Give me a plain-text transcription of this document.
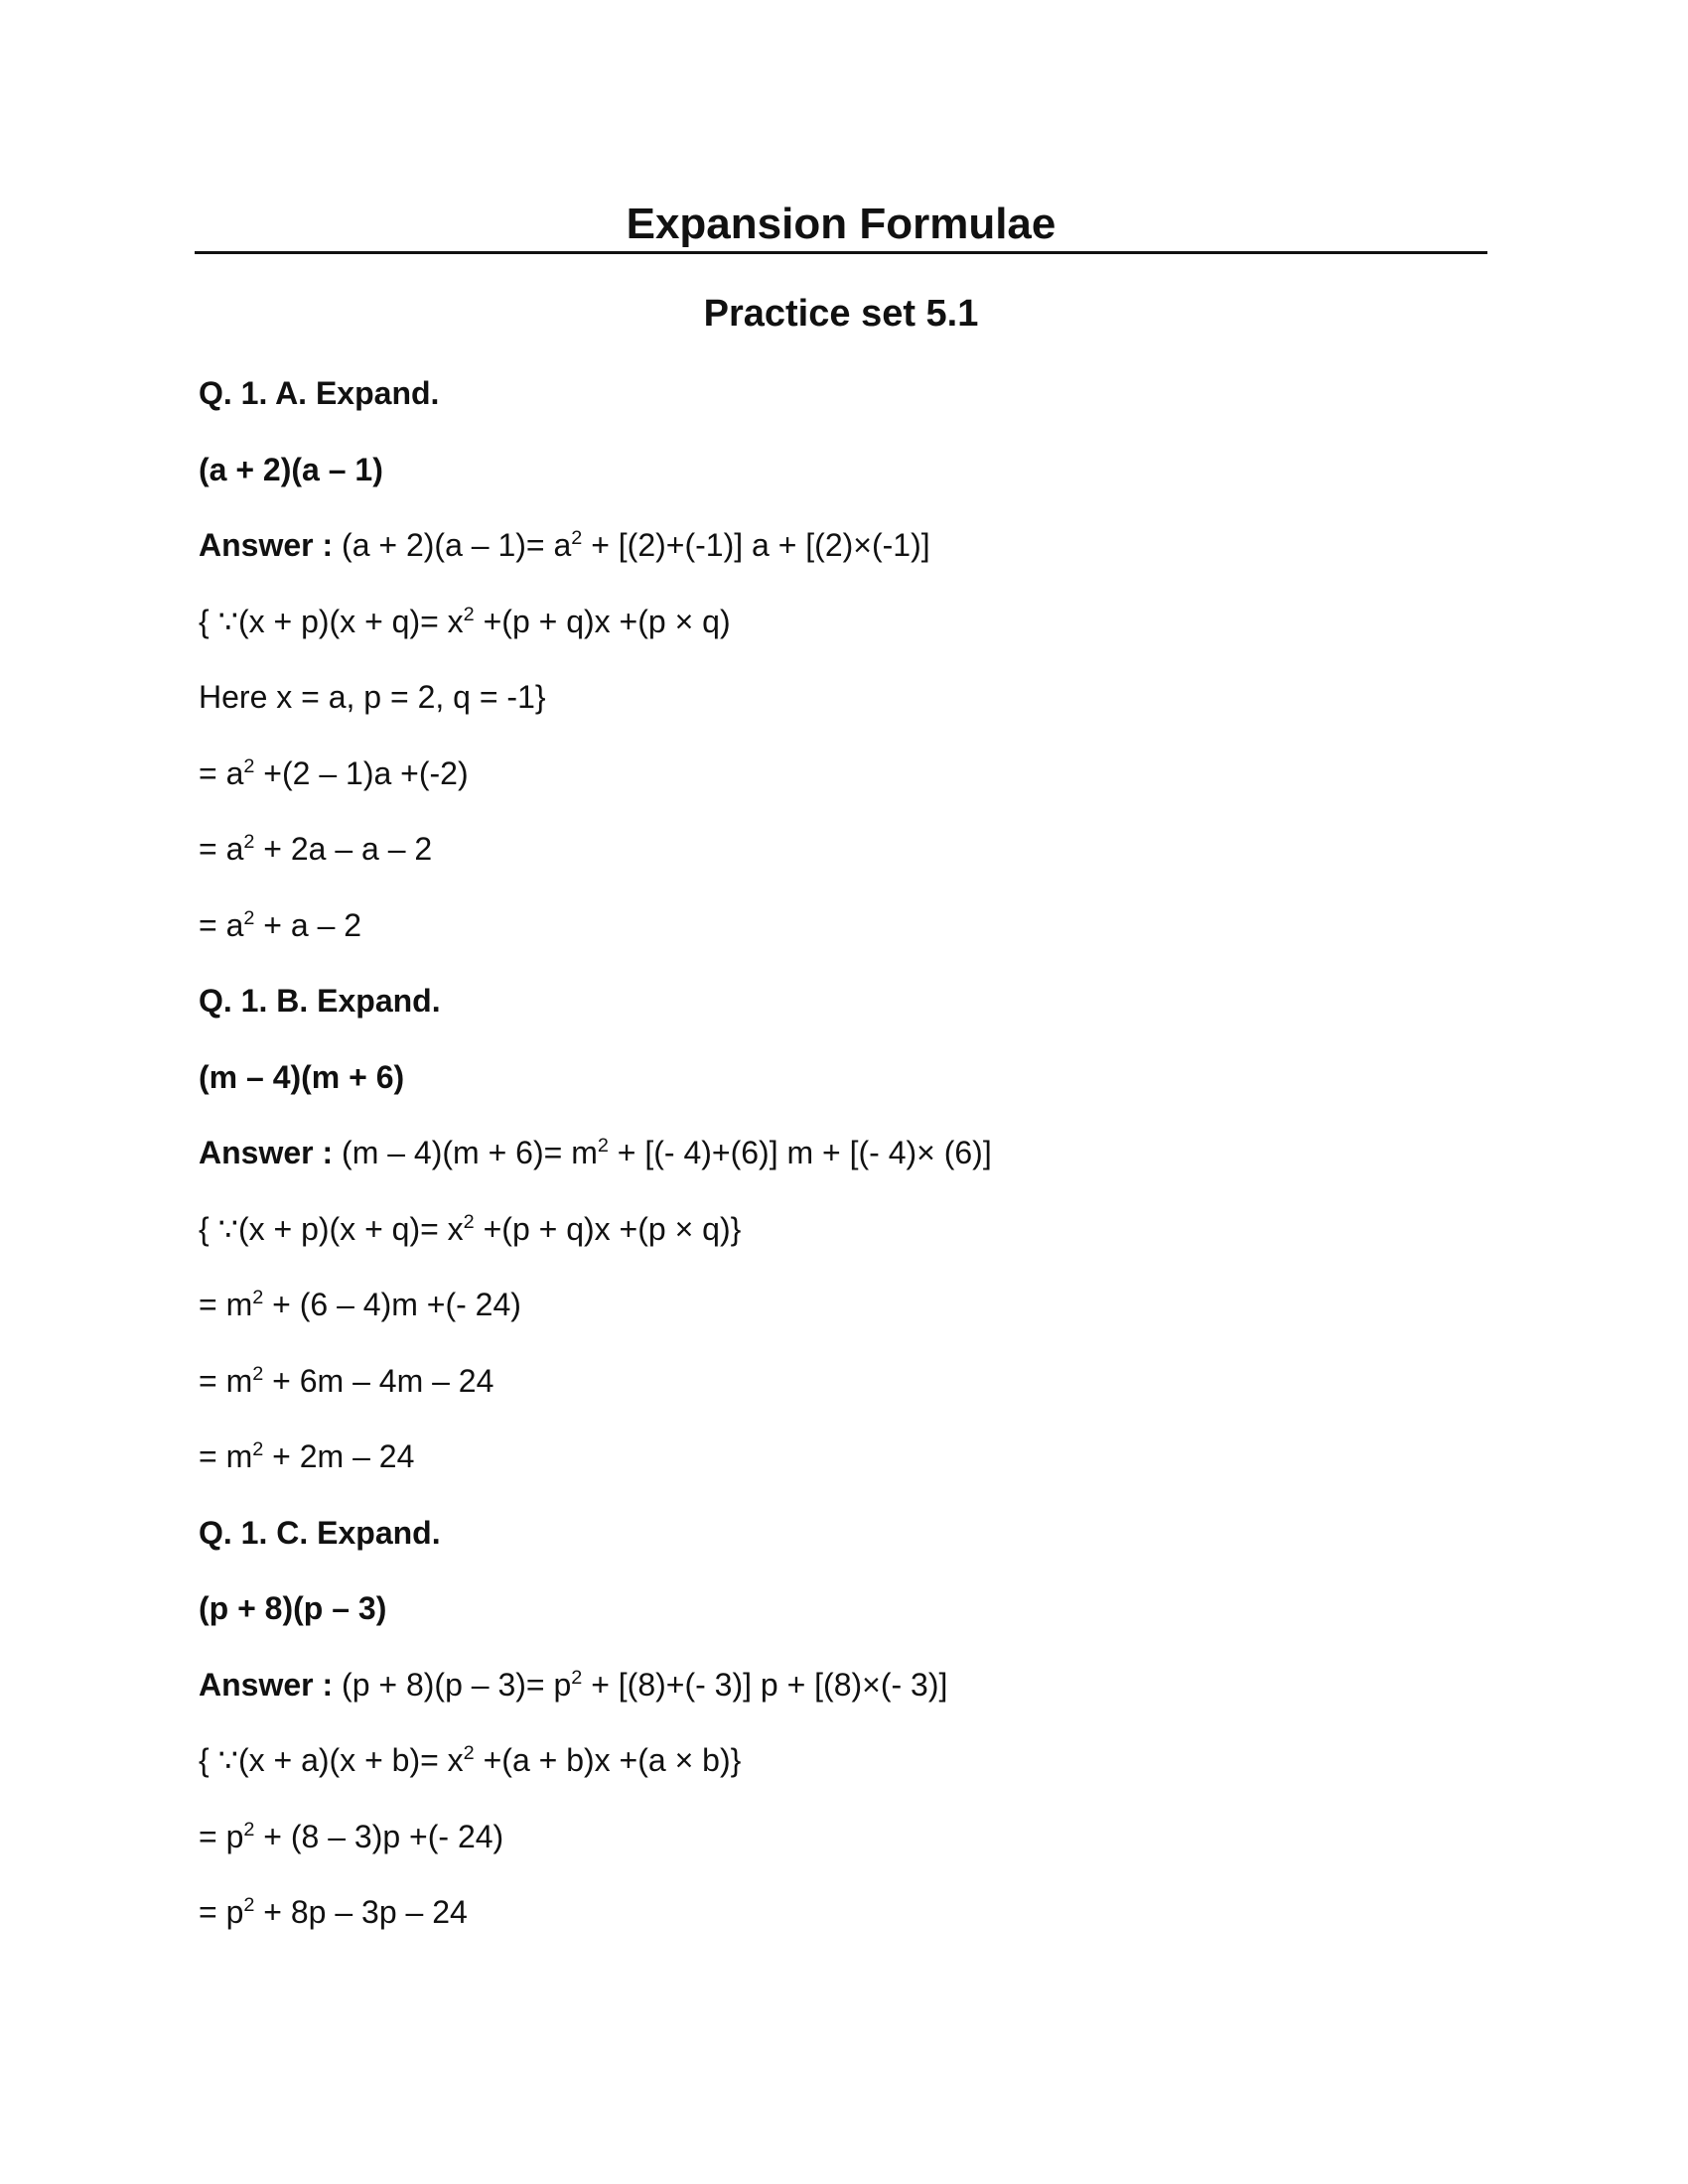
Expansion Formulae
Practice set 5.1
Q. 1. A. Expand.
(a + 2)(a – 1)
Answer : $(a + 2)(a - 1)= a^2 + [(2)+(-1)] a + [(2)\times(-1)]$
{ ∵(x + $p)(x + q)= x^2 +(p + q)x +(p \times q)$
Here x = a, p = 2, q = -1}
= $a^2 +(2 - 1)a +(-2)$
= $a^2 + 2a - a - 2$
= $a^2 + a - 2$
Q. 1. B. Expand.
(m – 4)(m + 6)
Answer : $(m - 4)(m + 6)= m^2$ + [(- 4)+(6)] m + [(- 4)× (6)]
{ ∵(x + $p)(x + q)= x^2 +(p + q)x +(p \times q)$}
= $m^2 + (6 - 4)m$ +(- 24)
= $m^2 + 6m - 4m - 24$
= $m^2 + 2m - 24$
Q. 1. C. Expand.
(p + 8)(p – 3)
Answer : $(p + 8)(p - 3)= p^2 + [(8)+(-$ 3)] p + [(8)×(- 3)]
{ ∵(x + $a)(x + b)= x^2 +(a + b)x +(a \times b)$}
= $p^2 + (8 - 3)p$ +(- 24)
= $p^2 + 8p - 3p - 24$
